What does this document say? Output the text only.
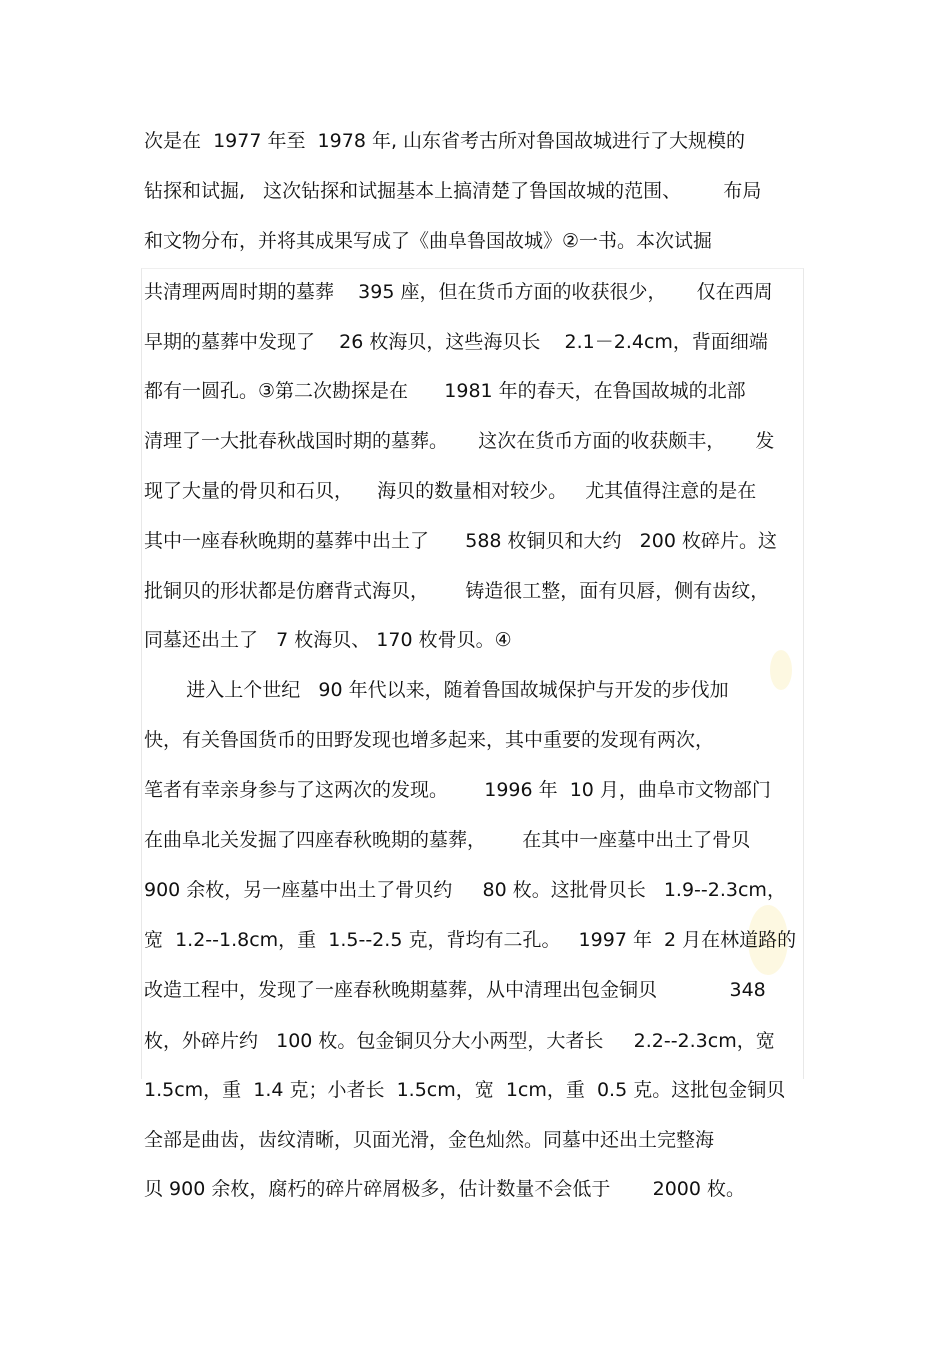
次是在  1977 年至  1978 年, 山东省考古所对鲁国故城进行了大规模的
钻探和试掘,   这次钻探和试掘基本上搞清楚了鲁国故城的范围、       布局
和文物分布，并将其成果写成了《曲阜鲁国故城》②一书。本次试掘
共清理两周时期的墓葬    395 座，但在货币方面的收获很少，     仅在西周
早期的墓葬中发现了    26 枚海贝，这些海贝长    2.1－2.4cm，背面细端
都有一圆孔。③第二次勘探是在      1981 年的春天，在鲁国故城的北部
清理了一大批春秋战国时期的墓葬。     这次在货币方面的收获颇丰，     发
现了大量的骨贝和石贝，    海贝的数量相对较少。   尤其值得注意的是在
其中一座春秋晚期的墓葬中出土了      588 枚铜贝和大约   200 枚碎片。这
批铜贝的形状都是仿磨背式海贝，      铸造很工整，面有贝唇，侧有齿纹，
同墓还出土了   7 枚海贝、 170 枚骨贝。④
进入上个世纪   90 年代以来，随着鲁国故城保护与开发的步伐加
快，有关鲁国货币的田野发现也增多起来，其中重要的发现有两次，
笔者有幸亲身参与了这两次的发现。      1996 年  10 月，曲阜市文物部门
在曲阜北关发掘了四座春秋晚期的墓葬，      在其中一座墓中出土了骨贝
900 余枚，另一座墓中出土了骨贝约     80 枚。这批骨贝长   1.9--2.3cm，
宽  1.2--1.8cm，重  1.5--2.5 克，背均有二孔。   1997 年  2 月在林道路的
改造工程中，发现了一座春秋晚期墓葬，从中清理出包金铜贝            348
枚，外碎片约   100 枚。包金铜贝分大小两型，大者长     2.2--2.3cm，宽
1.5cm，重  1.4 克；小者长  1.5cm，宽  1cm，重  0.5 克。这批包金铜贝
全部是曲齿，齿纹清晰，贝面光滑，金色灿然。同墓中还出土完整海
贝 900 余枚，腐朽的碎片碎屑极多，估计数量不会低于       2000 枚。
